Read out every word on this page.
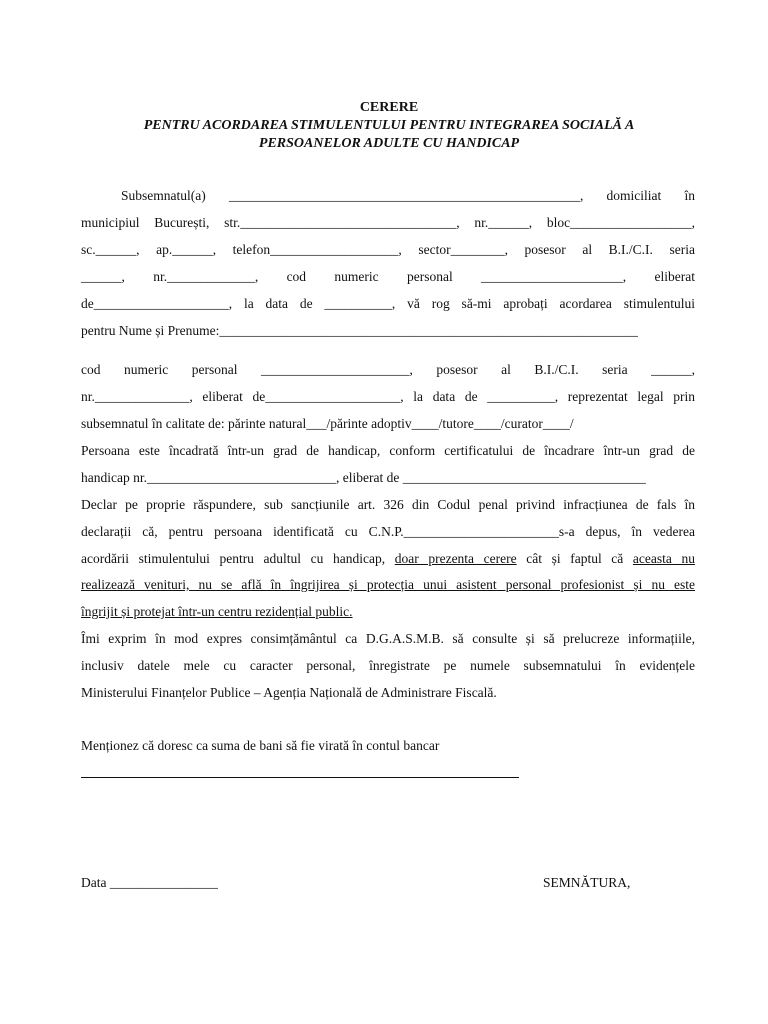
CERERE
PENTRU ACORDAREA STIMULENTULUI PENTRU INTEGRAREA SOCIALĂ A
PERSOANELOR ADULTE CU HANDICAP
Subsemnatul(a) ____________________________________________________, domiciliat în
municipiul București, str.________________________________, nr.______, bloc__________________,
sc.______, ap.______, telefon___________________, sector________, posesor al B.I./C.I. seria
______, nr._____________, cod numeric personal _____________________, eliberat
de____________________, la data de __________, vă rog să-mi aprobați acordarea stimulentului
pentru Nume și Prenume:______________________________________________________________
cod numeric personal ______________________, posesor al B.I./C.I. seria ______,
nr.______________, eliberat de____________________, la data de __________, reprezentat legal prin
subsemnatul în calitate de: părinte natural___/părinte adoptiv____/tutore____/curator____/
Persoana este încadrată într-un grad de handicap, conform certificatului de încadrare într-un grad de
handicap nr.____________________________, eliberat de ____________________________________
Declar pe proprie răspundere, sub sancțiunile art. 326 din Codul penal privind infracțiunea de fals în
declarații că, pentru persoana identificată cu C.N.P._______________________s-a depus, în vederea
acordării stimulentului pentru adultul cu handicap, doar prezenta cerere cât și faptul că aceasta nu
realizează venituri, nu se află în îngrijirea și protecția unui asistent personal profesionist și nu este
îngrijit și protejat într-un centru rezidențial public.
Îmi exprim în mod expres consimțământul ca D.G.A.S.M.B. să consulte și să prelucreze informațiile,
inclusiv datele mele cu caracter personal, înregistrate pe numele subsemnatului în evidențele
Ministerului Finanțelor Publice – Agenția Națională de Administrare Fiscală.
Menționez că doresc ca suma de bani să fie virată în contul bancar
Data ________________	SEMNĂTURA,
